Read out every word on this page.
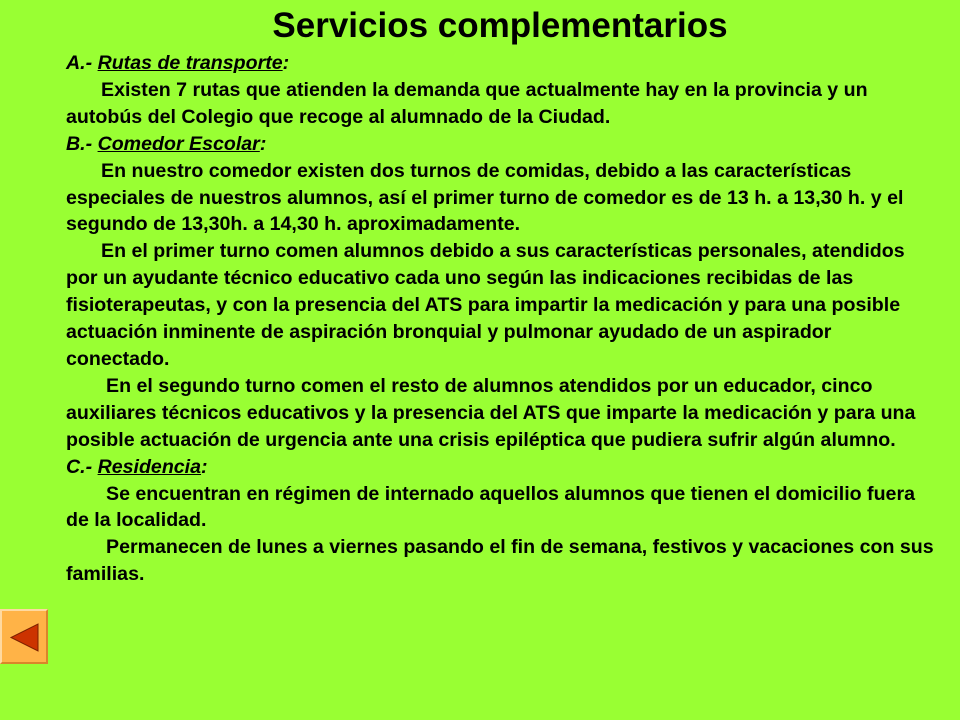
Servicios complementarios

A.- Rutas de transporte:

Existen 7 rutas que atienden la demanda que actualmente hay en la provincia y un autobús del Colegio que recoge al alumnado de la Ciudad.

B.- Comedor Escolar:

En nuestro comedor existen dos turnos de comidas, debido a las características especiales de nuestros alumnos, así el primer turno de comedor es de 13 h. a 13,30 h. y el segundo de 13,30h. a 14,30 h. aproximadamente.

En el primer turno comen alumnos debido a sus características personales, atendidos por un ayudante técnico educativo cada uno según las indicaciones recibidas de las fisioterapeutas, y con la presencia del ATS para impartir la medicación y para una posible actuación inminente de aspiración bronquial y pulmonar ayudado de un aspirador conectado.

En el segundo turno comen el resto de alumnos atendidos por un educador, cinco auxiliares técnicos educativos y la presencia del ATS que imparte la medicación y para una posible actuación de urgencia ante una crisis epiléptica que pudiera sufrir algún alumno.

C.- Residencia:

Se encuentran en régimen de internado aquellos alumnos que tienen el domicilio fuera de la localidad.

Permanecen de lunes a viernes pasando el fin de semana, festivos y vacaciones con sus familias.
